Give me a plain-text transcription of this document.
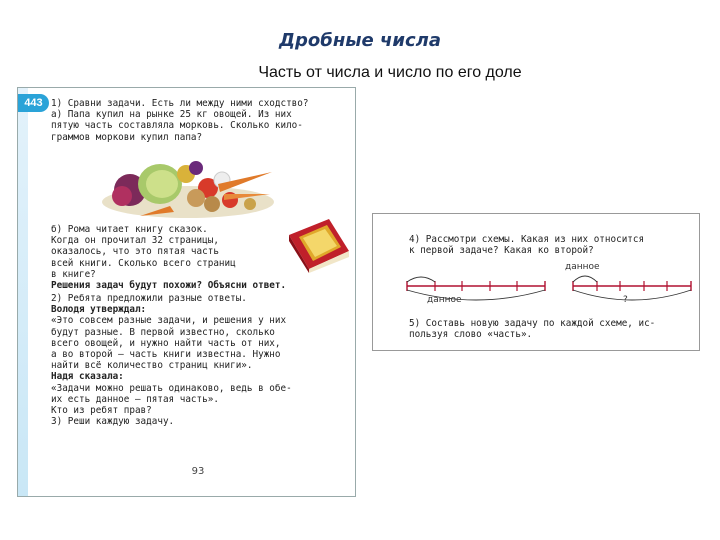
Дробные числа
Часть от числа и число по его доле
443 1) Сравни задачи. Есть ли между ними сходство?
а) Папа купил на рынке 25 кг овощей. Из них
пятую часть составляла морковь. Сколько кило-
граммов моркови купил папа?
б) Рома читает книгу сказок.
Когда он прочитал 32 страницы,
оказалось, что это пятая часть
всей книги. Сколько всего страниц
в книге?
Решения задач будут похожи? Объясни ответ.
2) Ребята предложили разные ответы.
Володя утверждал:
«Это совсем разные задачи, и решения у них
будут разные. В первой известно, сколько
всего овощей, и нужно найти часть от них,
а во второй – часть книги известна. Нужно
найти всё количество страниц книги».
Надя сказала:
«Задачи можно решать одинаково, ведь в обе-
их есть данное – пятая часть».
Кто из ребят прав?
3) Реши каждую задачу.
93
4) Рассмотри схемы. Какая из них относится
к первой задаче? Какая ко второй?
данное	?
данное
?
5) Составь новую задачу по каждой схеме, ис-
пользуя слово «часть».
